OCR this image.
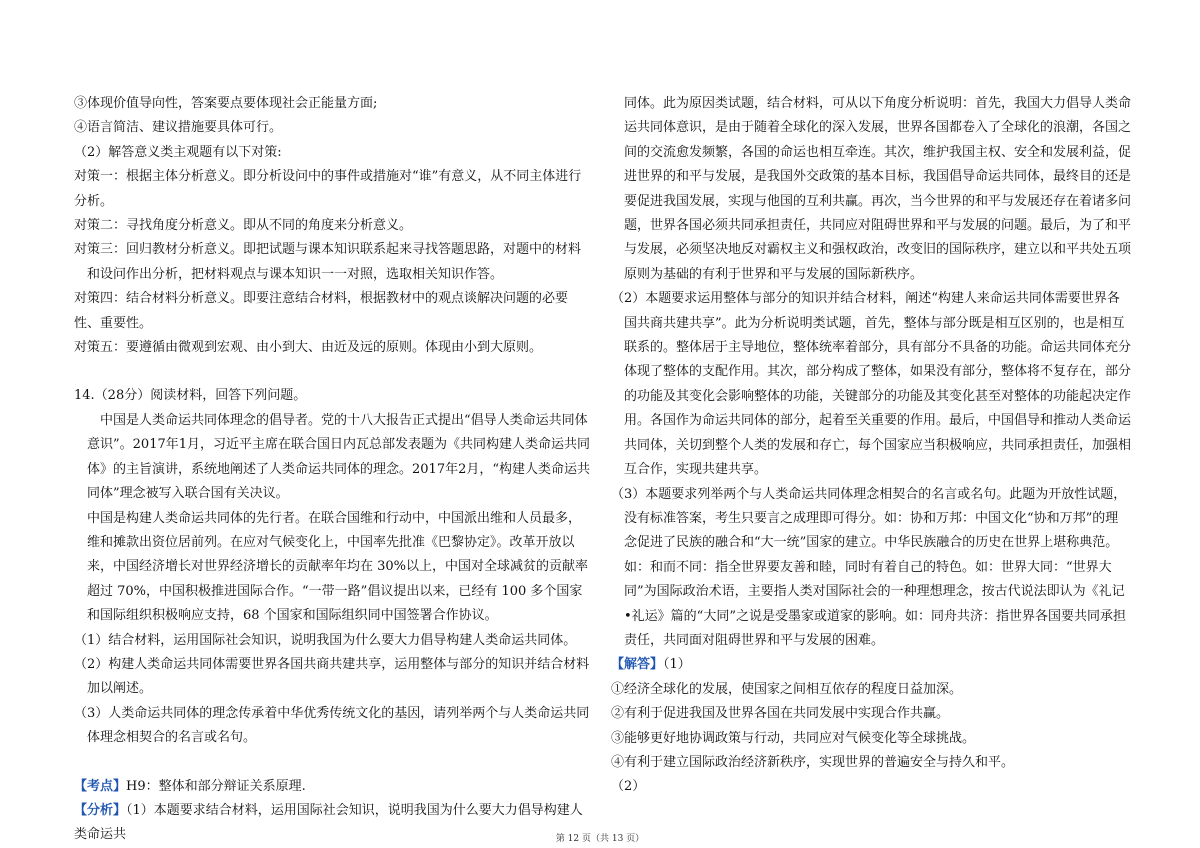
③体现价值导向性，答案要点要体现社会正能量方面;

④语言简洁、建议措施要具体可行。

（2）解答意义类主观题有以下对策:

对策一：根据主体分析意义。即分析设问中的事件或措施对“谁”有意义，从不同主体进行分析。

对策二：寻找角度分析意义。即从不同的角度来分析意义。

对策三：回归教材分析意义。即把试题与课本知识联系起来寻找答题思路，对题中的材料和设问作出分析，把材料观点与课本知识一一对照，选取相关知识作答。

对策四：结合材料分析意义。即要注意结合材料，根据教材中的观点谈解决问题的必要性、重要性。

对策五：要遵循由微观到宏观、由小到大、由近及远的原则。体现由小到大原则。

14.（28分）阅读材料，回答下列问题。

中国是人类命运共同体理念的倡导者。党的十八大报告正式提出“倡导人类命运共同体意识”。2017年1月，习近平主席在联合国日内瓦总部发表题为《共同构建人类命运共同体》的主旨演讲，系统地阐述了人类命运共同体的理念。2017年2月，“构建人类命运共同体”理念被写入联合国有关决议。

中国是构建人类命运共同体的先行者。在联合国维和行动中，中国派出维和人员最多，维和摊款出资位居前列。在应对气候变化上，中国率先批准《巴黎协定》。改革开放以来，中国经济增长对世界经济增长的贡献率年均在 30%以上，中国对全球减贫的贡献率超过 70%，中国积极推进国际合作。“一带一路”倡议提出以来，已经有 100 多个国家和国际组织积极响应支持，68 个国家和国际组织同中国签署合作协议。

（1）结合材料，运用国际社会知识，说明我国为什么要大力倡导构建人类命运共同体。

（2）构建人类命运共同体需要世界各国共商共建共享，运用整体与部分的知识并结合材料加以阐述。

（3）人类命运共同体的理念传承着中华优秀传统文化的基因，请列举两个与人类命运共同体理念相契合的名言或名句。

【考点】H9：整体和部分辩证关系原理.

【分析】（1）本题要求结合材料，运用国际社会知识，说明我国为什么要大力倡导构建人类命运共

同体。此为原因类试题，结合材料，可从以下角度分析说明：首先，我国大力倡导人类命运共同体意识，是由于随着全球化的深入发展，世界各国都卷入了全球化的浪潮，各国之间的交流愈发频繁，各国的命运也相互牵连。其次，维护我国主权、安全和发展利益，促进世界的和平与发展，是我国外交政策的基本目标，我国倡导命运共同体，最终目的还是要促进我国发展，实现与他国的互利共赢。再次，当今世界的和平与发展还存在着诸多问题，世界各国必须共同承担责任，共同应对阻碍世界和平与发展的问题。最后，为了和平与发展，必须坚决地反对霸权主义和强权政治，改变旧的国际秩序，建立以和平共处五项原则为基础的有利于世界和平与发展的国际新秩序。

（2）本题要求运用整体与部分的知识并结合材料，阐述“构建人来命运共同体需要世界各国共商共建共享”。此为分析说明类试题，首先，整体与部分既是相互区别的，也是相互联系的。整体居于主导地位，整体统率着部分，具有部分不具备的功能。命运共同体充分体现了整体的支配作用。其次，部分构成了整体，如果没有部分，整体将不复存在，部分的功能及其变化会影响整体的功能，关键部分的功能及其变化甚至对整体的功能起决定作用。各国作为命运共同体的部分，起着至关重要的作用。最后，中国倡导和推动人类命运共同体，关切到整个人类的发展和存亡，每个国家应当积极响应，共同承担责任，加强相互合作，实现共建共享。

（3）本题要求列举两个与人类命运共同体理念相契合的名言或名句。此题为开放性试题，没有标准答案，考生只要言之成理即可得分。如：协和万邦：中国文化“协和万邦”的理念促进了民族的融合和“大一统”国家的建立。中华民族融合的历史在世界上堪称典范。 如：和而不同：指全世界要友善和睦，同时有着自己的特色。如：世界大同：“世界大同”为国际政治术语，主要指人类对国际社会的一种理想理念，按古代说法即认为《礼记•礼运》篇的“大同”之说是受墨家或道家的影响。如：同舟共济：指世界各国要共同承担责任，共同面对阻碍世界和平与发展的困难。

【解答】（1）

①经济全球化的发展，使国家之间相互依存的程度日益加深。

②有利于促进我国及世界各国在共同发展中实现合作共赢。

③能够更好地协调政策与行动，共同应对气候变化等全球挑战。

④有利于建立国际政治经济新秩序，实现世界的普遍安全与持久和平。

（2）

第 12 页（共 13 页）
